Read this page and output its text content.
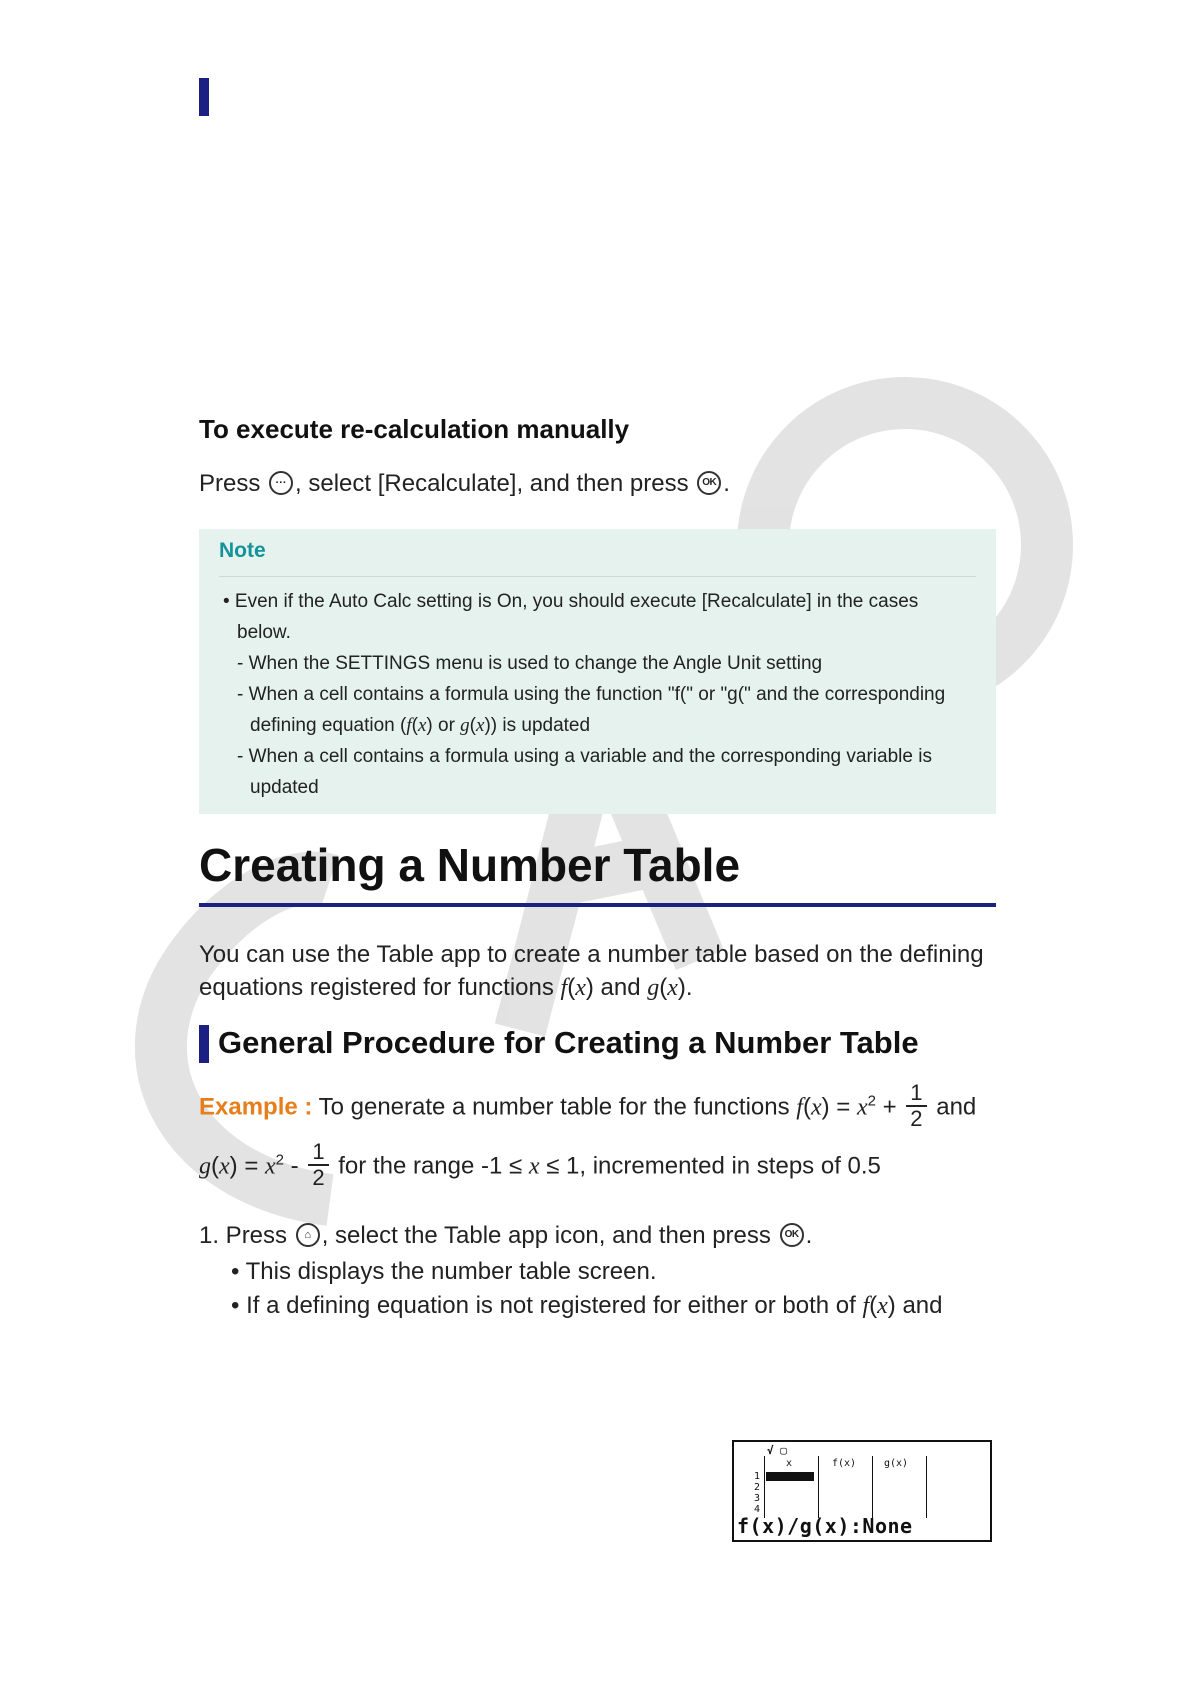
To execute re-calculation manually
Press ··· , select [Recalculate], and then press OK .
Note

• Even if the Auto Calc setting is On, you should execute [Recalculate] in the cases

below.

- When the SETTINGS menu is used to change the Angle Unit setting

- When a cell contains a formula using the function "f(" or "g(" and the corresponding

defining equation (f(x) or g(x)) is updated

- When a cell contains a formula using a variable and the corresponding variable is

updated

Creating a Number Table
You can use the Table app to create a number table based on the defining
equations registered for functions f(x) and g(x).
General Procedure for Creating a Number Table
Example : To generate a number table for the functions $f(x) = x^2 + \frac{1}{2}$ and
$g(x) = x^2 - \frac{1}{2}$ for the range -1 ≤ x ≤ 1, incremented in steps of 0.5
1. Press ⌂ , select the Table app icon, and then press OK .

• This displays the number table screen.

• If a defining equation is not registered for either or both of f(x) and

√ ▢
x	f(x)	g(x)
1
2
3
4
f(x)/g(x):None
